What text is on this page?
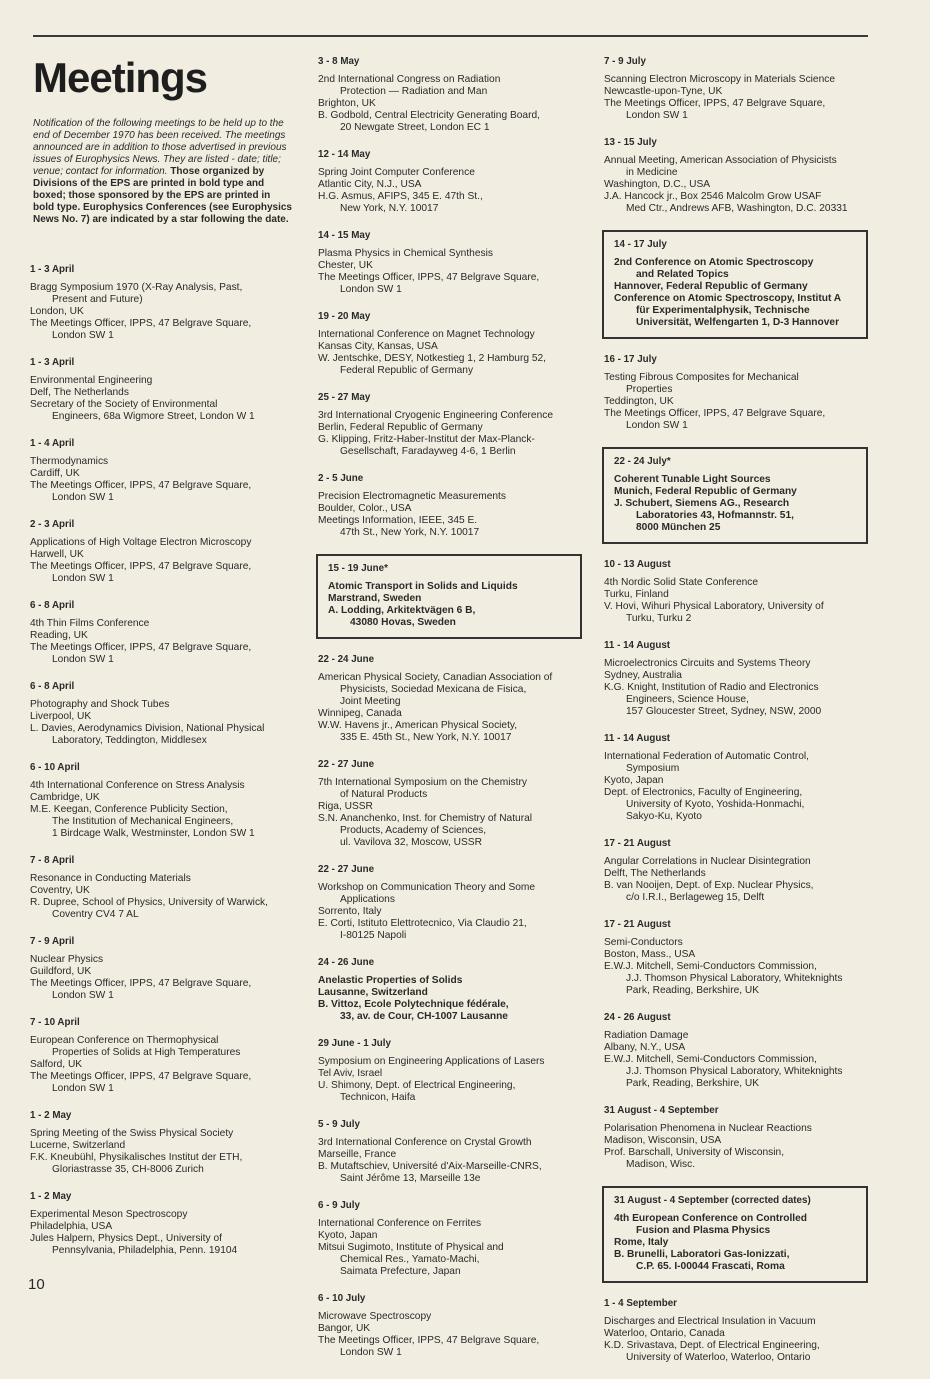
Meetings
Notification of the following meetings to be held up to the end of December 1970 has been received. The meetings announced are in addition to those advertised in previous issues of Europhysics News. They are listed - date; title; venue; contact for information. Those organized by Divisions of the EPS are printed in bold type and boxed; those sponsored by the EPS are printed in bold type. Europhysics Conferences (see Europhysics News No. 7) are indicated by a star following the date.
1 - 3 April
Bragg Symposium 1970 (X-Ray Analysis, Past,
Present and Future)
London, UK
The Meetings Officer, IPPS, 47 Belgrave Square,
London SW 1
1 - 3 April
Environmental Engineering
Delf, The Netherlands
Secretary of the Society of Environmental
Engineers, 68a Wigmore Street, London W 1
1 - 4 April
Thermodynamics
Cardiff, UK
The Meetings Officer, IPPS, 47 Belgrave Square,
London SW 1
2 - 3 April
Applications of High Voltage Electron Microscopy
Harwell, UK
The Meetings Officer, IPPS, 47 Belgrave Square,
London SW 1
6 - 8 April
4th Thin Films Conference
Reading, UK
The Meetings Officer, IPPS, 47 Belgrave Square,
London SW 1
6 - 8 April
Photography and Shock Tubes
Liverpool, UK
L. Davies, Aerodynamics Division, National Physical
Laboratory, Teddington, Middlesex
6 - 10 April
4th International Conference on Stress Analysis
Cambridge, UK
M.E. Keegan, Conference Publicity Section,
The Institution of Mechanical Engineers,
1 Birdcage Walk, Westminster, London SW 1
7 - 8 April
Resonance in Conducting Materials
Coventry, UK
R. Dupree, School of Physics, University of Warwick,
Coventry CV4 7 AL
7 - 9 April
Nuclear Physics
Guildford, UK
The Meetings Officer, IPPS, 47 Belgrave Square,
London SW 1
7 - 10 April
European Conference on Thermophysical
Properties of Solids at High Temperatures
Salford, UK
The Meetings Officer, IPPS, 47 Belgrave Square,
London SW 1
1 - 2 May
Spring Meeting of the Swiss Physical Society
Lucerne, Switzerland
F.K. Kneubühl, Physikalisches Institut der ETH,
Gloriastrasse 35, CH-8006 Zurich
1 - 2 May
Experimental Meson Spectroscopy
Philadelphia, USA
Jules Halpern, Physics Dept., University of
Pennsylvania, Philadelphia, Penn. 19104
3 - 8 May
2nd International Congress on Radiation
Protection — Radiation and Man
Brighton, UK
B. Godbold, Central Electricity Generating Board,
20 Newgate Street, London EC 1
12 - 14 May
Spring Joint Computer Conference
Atlantic City, N.J., USA
H.G. Asmus, AFIPS, 345 E. 47th St.,
New York, N.Y. 10017
14 - 15 May
Plasma Physics in Chemical Synthesis
Chester, UK
The Meetings Officer, IPPS, 47 Belgrave Square,
London SW 1
19 - 20 May
International Conference on Magnet Technology
Kansas City, Kansas, USA
W. Jentschke, DESY, Notkestieg 1, 2 Hamburg 52,
Federal Republic of Germany
25 - 27 May
3rd International Cryogenic Engineering Conference
Berlin, Federal Republic of Germany
G. Klipping, Fritz-Haber-Institut der Max-Planck-
Gesellschaft, Faradayweg 4-6, 1 Berlin
2 - 5 June
Precision Electromagnetic Measurements
Boulder, Color., USA
Meetings Information, IEEE, 345 E.
47th St., New York, N.Y. 10017
15 - 19 June*
Atomic Transport in Solids and Liquids
Marstrand, Sweden
A. Lodding, Arkitektvägen 6 B,
43080 Hovas, Sweden
22 - 24 June
American Physical Society, Canadian Association of
Physicists, Sociedad Mexicana de Fisica,
Joint Meeting
Winnipeg, Canada
W.W. Havens jr., American Physical Society,
335 E. 45th St., New York, N.Y. 10017
22 - 27 June
7th International Symposium on the Chemistry
of Natural Products
Riga, USSR
S.N. Ananchenko, Inst. for Chemistry of Natural
Products, Academy of Sciences,
ul. Vavilova 32, Moscow, USSR
22 - 27 June
Workshop on Communication Theory and Some
Applications
Sorrento, Italy
E. Corti, Istituto Elettrotecnico, Via Claudio 21,
I-80125 Napoli
24 - 26 June
Anelastic Properties of Solids
Lausanne, Switzerland
B. Vittoz, Ecole Polytechnique fédérale,
33, av. de Cour, CH-1007 Lausanne
29 June - 1 July
Symposium on Engineering Applications of Lasers
Tel Aviv, Israel
U. Shimony, Dept. of Electrical Engineering,
Technicon, Haifa
5 - 9 July
3rd International Conference on Crystal Growth
Marseille, France
B. Mutaftschiev, Université d'Aix-Marseille-CNRS,
Saint Jérôme 13, Marseille 13e
6 - 9 July
International Conference on Ferrites
Kyoto, Japan
Mitsui Sugimoto, Institute of Physical and
Chemical Res., Yamato-Machi,
Saimata Prefecture, Japan
6 - 10 July
Microwave Spectroscopy
Bangor, UK
The Meetings Officer, IPPS, 47 Belgrave Square,
London SW 1
7 - 9 July
Scanning Electron Microscopy in Materials Science
Newcastle-upon-Tyne, UK
The Meetings Officer, IPPS, 47 Belgrave Square,
London SW 1
13 - 15 July
Annual Meeting, American Association of Physicists
in Medicine
Washington, D.C., USA
J.A. Hancock jr., Box 2546 Malcolm Grow USAF
Med Ctr., Andrews AFB, Washington, D.C. 20331
14 - 17 July
2nd Conference on Atomic Spectroscopy
and Related Topics
Hannover, Federal Republic of Germany
Conference on Atomic Spectroscopy, Institut A
für Experimentalphysik, Technische
Universität, Welfengarten 1, D-3 Hannover
16 - 17 July
Testing Fibrous Composites for Mechanical
Properties
Teddington, UK
The Meetings Officer, IPPS, 47 Belgrave Square,
London SW 1
22 - 24 July*
Coherent Tunable Light Sources
Munich, Federal Republic of Germany
J. Schubert, Siemens AG., Research
Laboratories 43, Hofmannstr. 51,
8000 München 25
10 - 13 August
4th Nordic Solid State Conference
Turku, Finland
V. Hovi, Wihuri Physical Laboratory, University of
Turku, Turku 2
11 - 14 August
Microelectronics Circuits and Systems Theory
Sydney, Australia
K.G. Knight, Institution of Radio and Electronics
Engineers, Science House,
157 Gloucester Street, Sydney, NSW, 2000
11 - 14 August
International Federation of Automatic Control,
Symposium
Kyoto, Japan
Dept. of Electronics, Faculty of Engineering,
University of Kyoto, Yoshida-Honmachi,
Sakyo-Ku, Kyoto
17 - 21 August
Angular Correlations in Nuclear Disintegration
Delft, The Netherlands
B. van Nooijen, Dept. of Exp. Nuclear Physics,
c/o I.R.I., Berlageweg 15, Delft
17 - 21 August
Semi-Conductors
Boston, Mass., USA
E.W.J. Mitchell, Semi-Conductors Commission,
J.J. Thomson Physical Laboratory, Whiteknights
Park, Reading, Berkshire, UK
24 - 26 August
Radiation Damage
Albany, N.Y., USA
E.W.J. Mitchell, Semi-Conductors Commission,
J.J. Thomson Physical Laboratory, Whiteknights
Park, Reading, Berkshire, UK
31 August - 4 September
Polarisation Phenomena in Nuclear Reactions
Madison, Wisconsin, USA
Prof. Barschall, University of Wisconsin,
Madison, Wisc.
31 August - 4 September (corrected dates)
4th European Conference on Controlled
Fusion and Plasma Physics
Rome, Italy
B. Brunelli, Laboratori Gas-Ionizzati,
C.P. 65. I-00044 Frascati, Roma
1 - 4 September
Discharges and Electrical Insulation in Vacuum
Waterloo, Ontario, Canada
K.D. Srivastava, Dept. of Electrical Engineering,
University of Waterloo, Waterloo, Ontario
10
